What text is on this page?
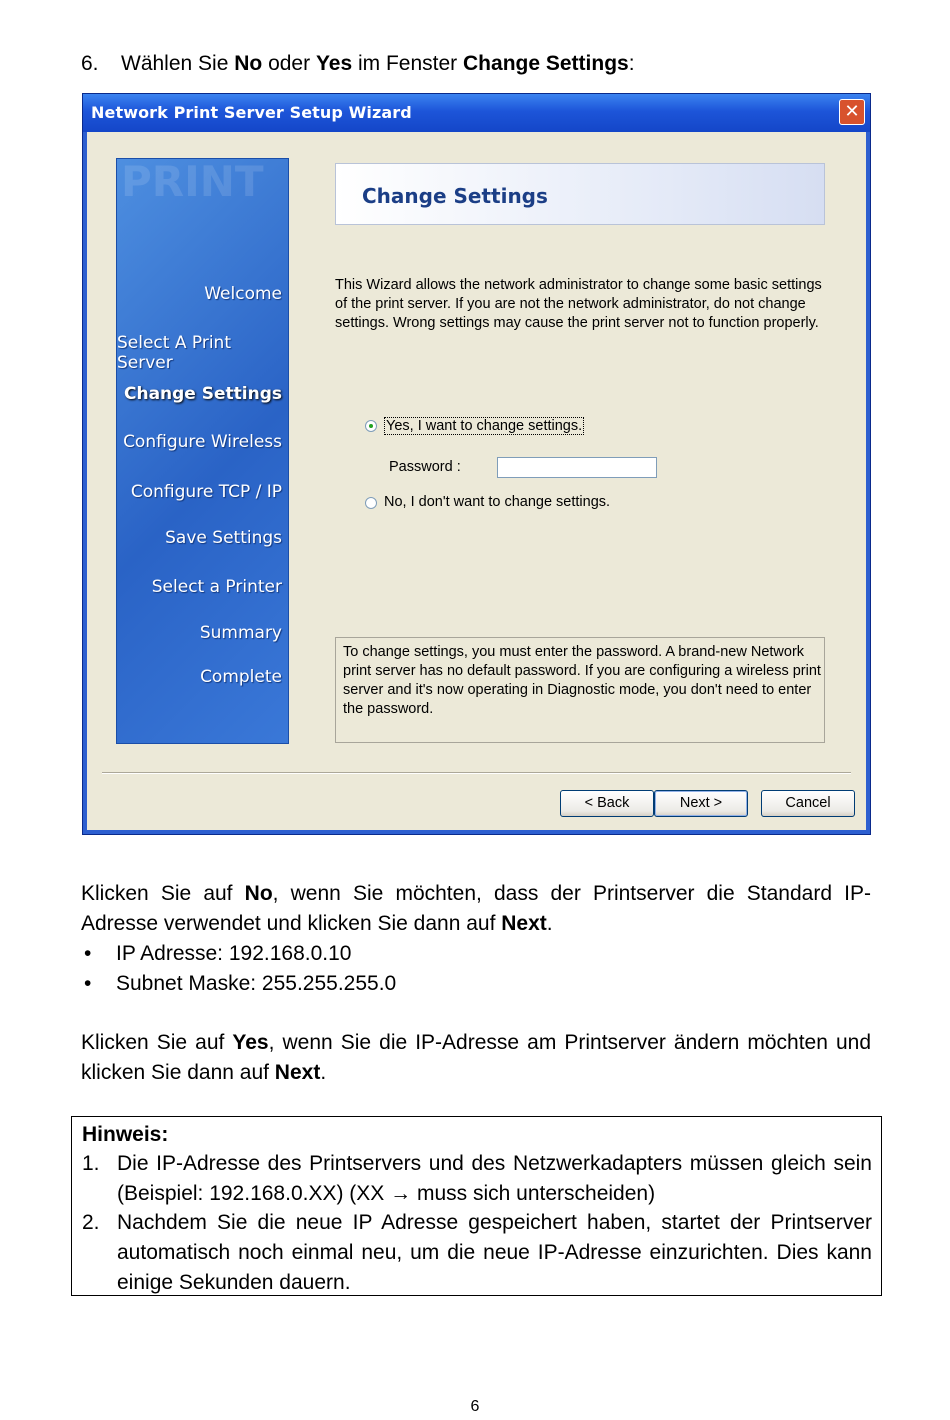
6. Wählen Sie No oder Yes im Fenster Change Settings:
Network Print Server Setup Wizard	✕
PRINT
Welcome
Select A Print Server
Change Settings
Configure Wireless
Configure TCP / IP
Save Settings
Select a Printer
Summary
Complete
Change Settings
This Wizard allows the network administrator to change some basic settings of the print server. If you are not the network administrator, do not change settings. Wrong settings may cause the print server not to function properly.
Yes, I want to change settings.
Password :
No, I don't want to change settings.
To change settings, you must enter the password. A brand-new Network print server has no default password. If you are configuring a wireless print server and it's now operating in Diagnostic mode, you don't need to enter the password.
< Back	Next >	Cancel
Klicken Sie auf No, wenn Sie möchten, dass der Printserver die Standard IP-Adresse verwendet und klicken Sie dann auf Next.
• IP Adresse: 192.168.0.10
• Subnet Maske: 255.255.255.0
Klicken Sie auf Yes, wenn Sie die IP-Adresse am Printserver ändern möchten und klicken Sie dann auf Next.
Hinweis:
1. Die IP-Adresse des Printservers und des Netzwerkadapters müssen gleich sein (Beispiel: 192.168.0.XX) (XX → muss sich unterscheiden)
2. Nachdem Sie die neue IP Adresse gespeichert haben, startet der Printserver automatisch noch einmal neu, um die neue IP-Adresse einzurichten. Dies kann einige Sekunden dauern.
6
